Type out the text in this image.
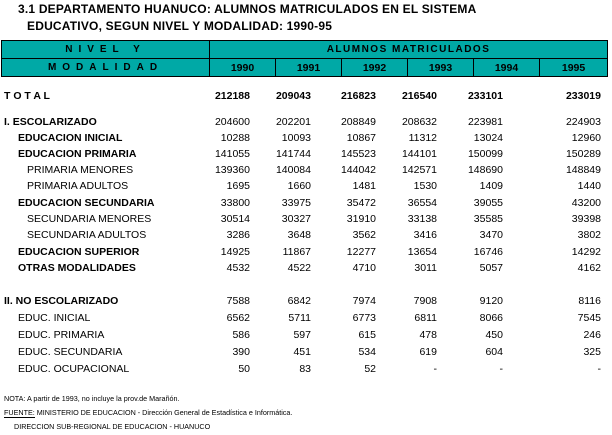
3.1 DEPARTAMENTO HUANUCO: ALUMNOS MATRICULADOS EN EL SISTEMA
EDUCATIVO, SEGUN NIVEL Y MODALIDAD: 1990-95
NIVEL Y	ALUMNOS MATRICULADOS					
MODALIDAD	1990	1991	1992	1993	1994	1995
T O T A L	212188	209043	216823	216540	233101	233019
I. ESCOLARIZADO	204600	202201	208849	208632	223981	224903
EDUCACION INICIAL	10288	10093	10867	11312	13024	12960
EDUCACION PRIMARIA	141055	141744	145523	144101	150099	150289
PRIMARIA MENORES	139360	140084	144042	142571	148690	148849
PRIMARIA ADULTOS	1695	1660	1481	1530	1409	1440
EDUCACION SECUNDARIA	33800	33975	35472	36554	39055	43200
SECUNDARIA MENORES	30514	30327	31910	33138	35585	39398
SECUNDARIA ADULTOS	3286	3648	3562	3416	3470	3802
EDUCACION SUPERIOR	14925	11867	12277	13654	16746	14292
OTRAS MODALIDADES	4532	4522	4710	3011	5057	4162
II. NO ESCOLARIZADO	7588	6842	7974	7908	9120	8116
EDUC. INICIAL	6562	5711	6773	6811	8066	7545
EDUC. PRIMARIA	586	597	615	478	450	246
EDUC. SECUNDARIA	390	451	534	619	604	325
EDUC. OCUPACIONAL	50	83	52	-	-	-
NOTA: A partir de 1993, no incluye la prov.de Marañón.
FUENTE: MINISTERIO DE EDUCACION - Dirección General de Estadística e Informática.
DIRECCION SUB-REGIONAL DE EDUCACION - HUANUCO
